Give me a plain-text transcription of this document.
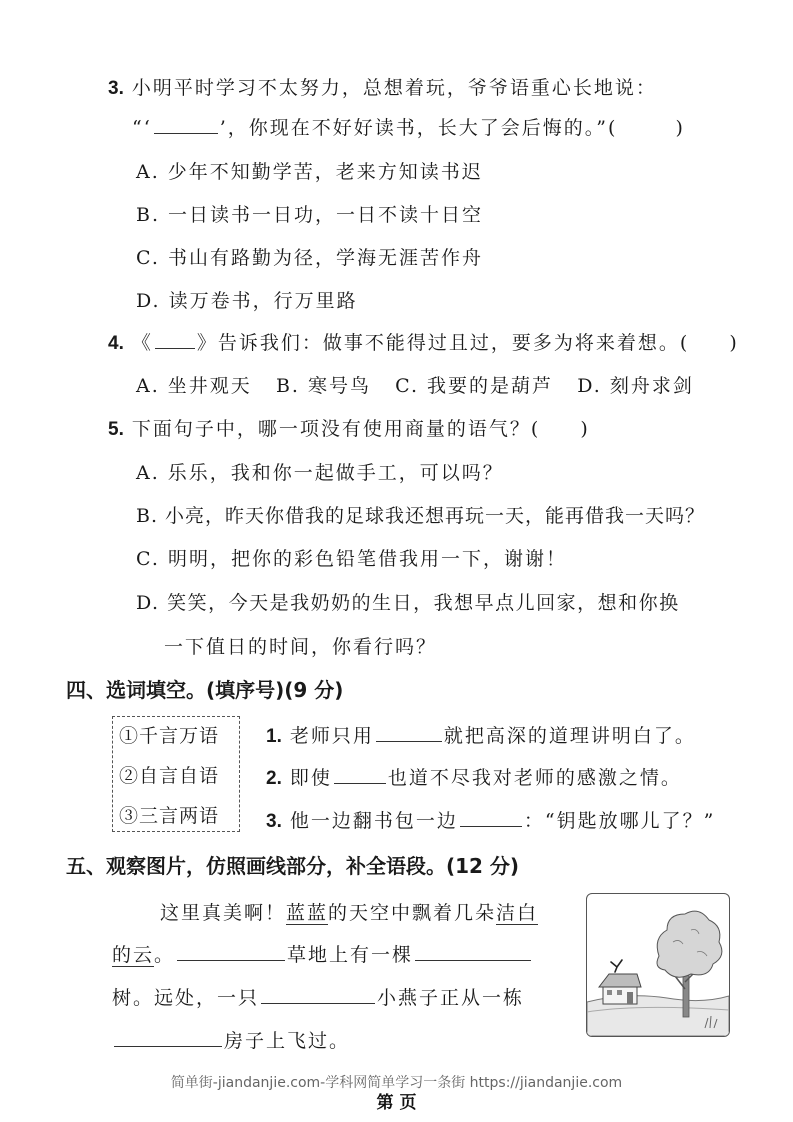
3. 小明平时学习不太努力，总想着玩，爷爷语重心长地说：
“‘	’，你现在不好好读书，长大了会后悔的。”(	)
A. 少年不知勤学苦，老来方知读书迟
B. 一日读书一日功，一日不读十日空
C. 书山有路勤为径，学海无涯苦作舟
D. 读万卷书，行万里路
4. 《 》告诉我们：做事不能得过且过，要多为将来着想。( )
A. 坐井观天 B. 寒号鸟 C. 我要的是葫芦 D. 刻舟求剑
5. 下面句子中，哪一项没有使用商量的语气？( )
A. 乐乐，我和你一起做手工，可以吗？
B. 小亮，昨天你借我的足球我还想再玩一天，能再借我一天吗？
C. 明明，把你的彩色铅笔借我用一下，谢谢！
D. 笑笑，今天是我奶奶的生日，我想早点儿回家，想和你换
一下值日的时间，你看行吗？
四、选词填空。(填序号)(9 分)
①千言万语
②自言自语
③三言两语
1. 老师只用	就把高深的道理讲明白了。
2. 即使	也道不尽我对老师的感激之情。
3. 他一边翻书包一边	：“钥匙放哪儿了？”
五、观察图片，仿照画线部分，补全语段。(12 分)
这里真美啊！蓝蓝的天空中飘着几朵洁白
的云。	草地上有一棵
树。远处，一只	小燕子正从一栋
房子上飞过。
简单街-jiandanjie.com-学科网简单学习一条街 https://jiandanjie.com
第 页
